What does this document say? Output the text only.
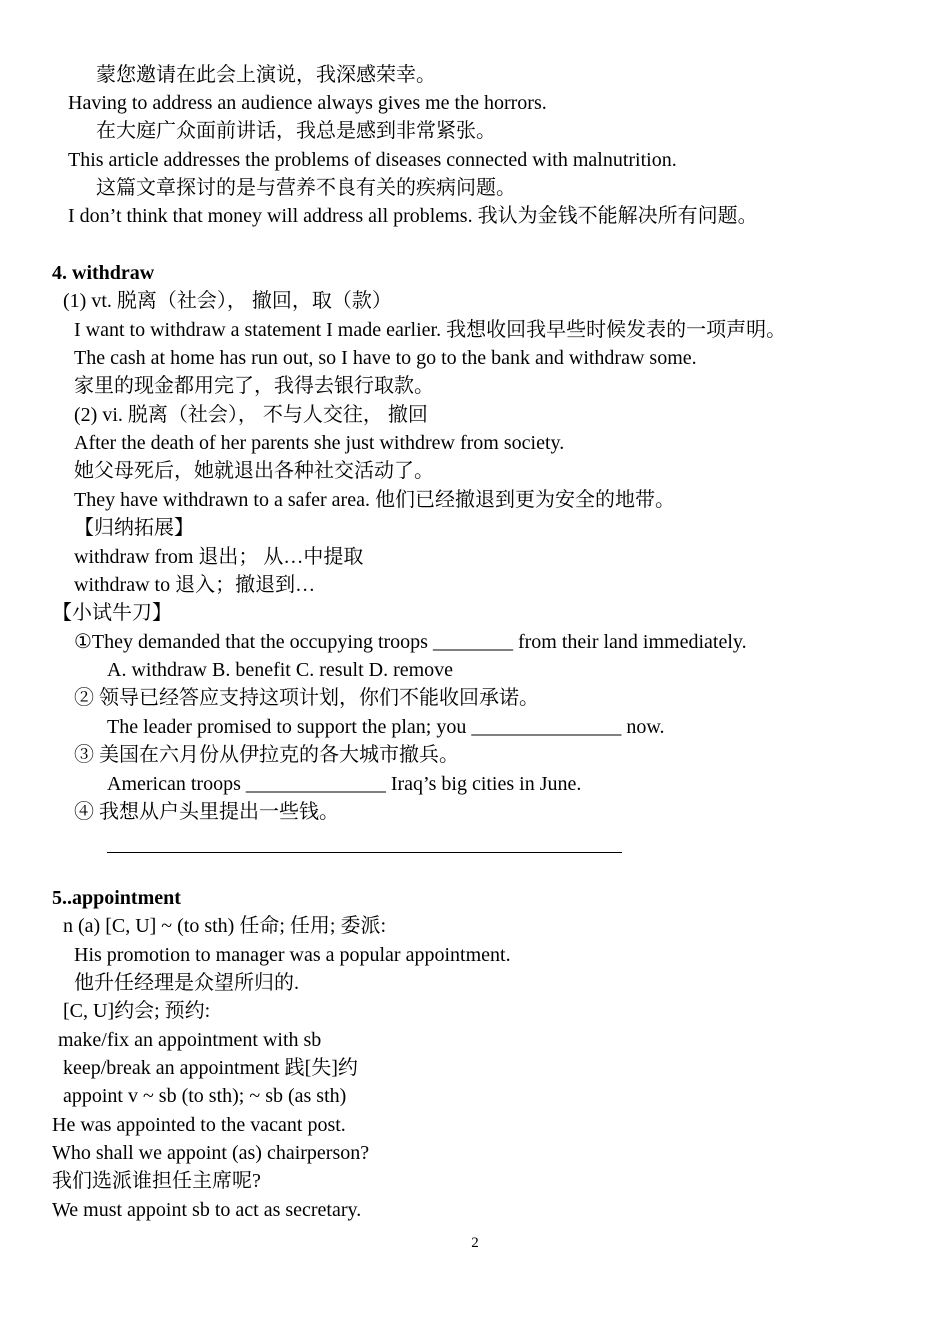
蒙您邀请在此会上演说，我深感荣幸。
Having to address an audience always gives me the horrors.
在大庭广众面前讲话，我总是感到非常紧张。
This article addresses the problems of diseases connected with malnutrition.
这篇文章探讨的是与营养不良有关的疾病问题。
I don’t think that money will address all problems. 我认为金钱不能解决所有问题。
4. withdraw
(1) vt. 脱离（社会）， 撤回，取（款）
I want to withdraw a statement I made earlier. 我想收回我早些时候发表的一项声明。
The cash at home has run out, so I have to go to the bank and withdraw some.
家里的现金都用完了，我得去银行取款。
(2) vi. 脱离（社会）， 不与人交往， 撤回
After the death of her parents she just withdrew from society.
她父母死后，她就退出各种社交活动了。
They have withdrawn to a safer area. 他们已经撤退到更为安全的地带。
【归纳拓展】
withdraw from 退出； 从…中提取
withdraw to 退入；撤退到…
【小试牛刀】
①They demanded that the occupying troops ________ from their land immediately.
A. withdraw B. benefit C. result D. remove
② 领导已经答应支持这项计划，你们不能收回承诺。
The leader promised to support the plan; you _______________ now.
③ 美国在六月份从伊拉克的各大城市撤兵。
American troops ______________ Iraq’s big cities in June.
④ 我想从户头里提出一些钱。
5..appointment
n (a) [C, U] ~ (to sth) 任命; 任用; 委派:
His promotion to manager was a popular appointment.
他升任经理是众望所归的.
[C, U]约会; 预约:
make/fix an appointment with sb
keep/break an appointment 践[失]约
appoint v ~ sb (to sth); ~ sb (as sth)
He was appointed to the vacant post.
Who shall we appoint (as) chairperson?
我们选派谁担任主席呢?
We must appoint sb to act as secretary.
2
